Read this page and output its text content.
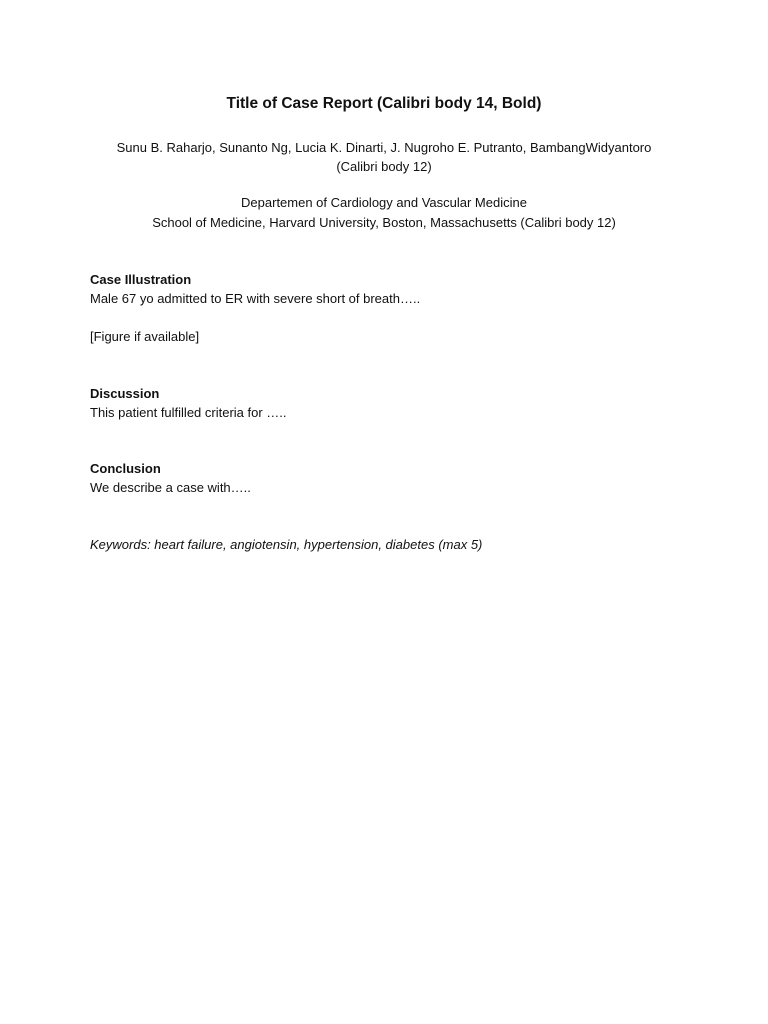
Title of Case Report (Calibri body 14, Bold)
Sunu B. Raharjo, Sunanto Ng, Lucia K. Dinarti, J. Nugroho E. Putranto, BambangWidyantoro
(Calibri body 12)
Departemen of Cardiology and Vascular Medicine
School of Medicine, Harvard University, Boston, Massachusetts (Calibri body 12)
Case Illustration
Male 67 yo admitted to ER with severe short of breath…..
[Figure if available]
Discussion
This patient fulfilled criteria for …..
Conclusion
We describe a case with…..
Keywords: heart failure, angiotensin, hypertension, diabetes (max 5)
